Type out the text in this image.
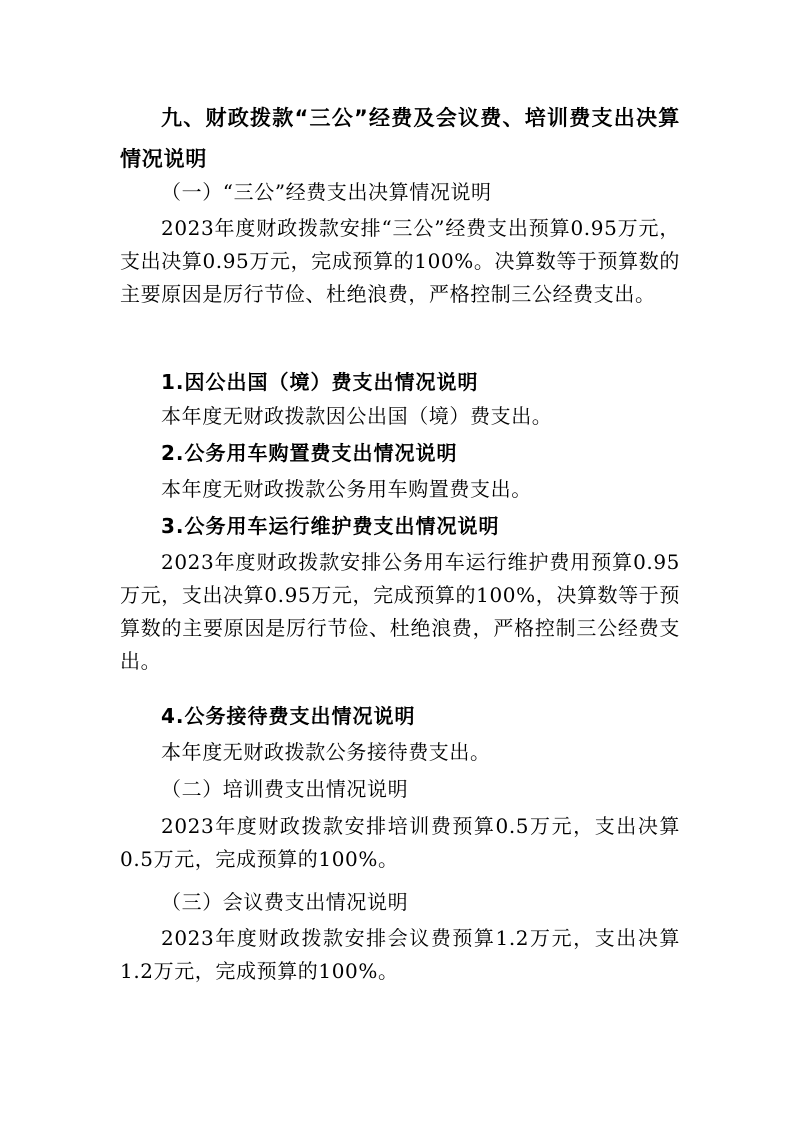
九、财政拨款“三公”经费及会议费、培训费支出决算情况说明

（一）“三公”经费支出决算情况说明

2023年度财政拨款安排“三公”经费支出预算0.95万元，支出决算0.95万元，完成预算的100%。决算数等于预算数的主要原因是厉行节俭、杜绝浪费，严格控制三公经费支出。

1.因公出国（境）费支出情况说明

本年度无财政拨款因公出国（境）费支出。

2.公务用车购置费支出情况说明

本年度无财政拨款公务用车购置费支出。

3.公务用车运行维护费支出情况说明

2023年度财政拨款安排公务用车运行维护费用预算0.95万元，支出决算0.95万元，完成预算的100%，决算数等于预算数的主要原因是厉行节俭、杜绝浪费，严格控制三公经费支出。

4.公务接待费支出情况说明

本年度无财政拨款公务接待费支出。

（二）培训费支出情况说明

2023年度财政拨款安排培训费预算0.5万元，支出决算0.5万元，完成预算的100%。

（三）会议费支出情况说明

2023年度财政拨款安排会议费预算1.2万元，支出决算1.2万元，完成预算的100%。
